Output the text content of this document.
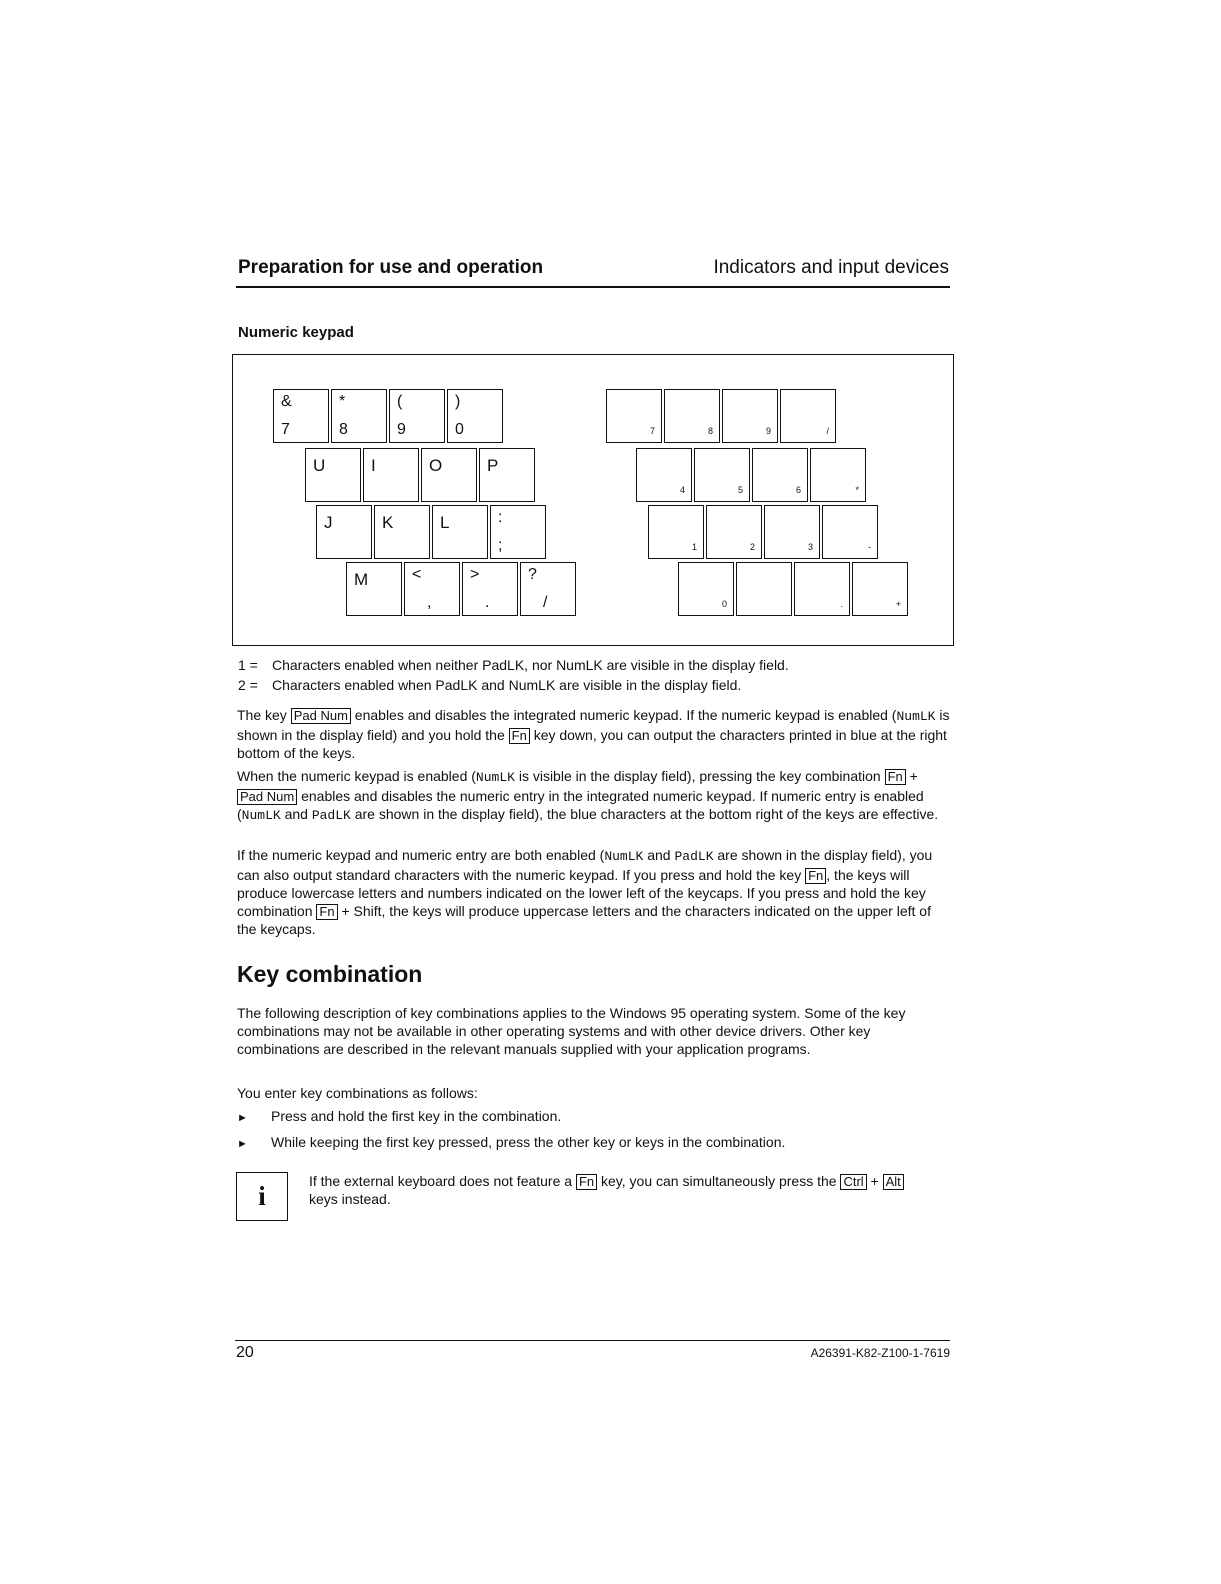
Preparation for use and operation	Indicators and input devices
Numeric keypad
&
7
*
8
(
9
)
0
U	I	O	P
J	K	L	:
;
M	<
,
>
.
?
/
7	8	9	/
4	5	6	*
1	2	3	-
0	.	+
1 = Characters enabled when neither PadLK, nor NumLK are visible in the display field.
2 = Characters enabled when PadLK and NumLK are visible in the display field.
The key Pad Num enables and disables the integrated numeric keypad. If the numeric keypad is enabled (NumLK is shown in the display field) and you hold the Fn key down, you can output the characters printed in blue at the right bottom of the keys.
When the numeric keypad is enabled (NumLK is visible in the display field), pressing the key combination Fn + Pad Num enables and disables the numeric entry in the integrated numeric keypad. If numeric entry is enabled (NumLK and PadLK are shown in the display field), the blue characters at the bottom right of the keys are effective.
If the numeric keypad and numeric entry are both enabled (NumLK and PadLK are shown in the display field), you can also output standard characters with the numeric keypad. If you press and hold the key Fn , the keys will produce lowercase letters and numbers indicated on the lower left of the keycaps. If you press and hold the key combination Fn + Shift, the keys will produce uppercase letters and the characters indicated on the upper left of the keycaps.
Key combination
The following description of key combinations applies to the Windows 95 operating system. Some of the key combinations may not be available in other operating systems and with other device drivers. Other key combinations are described in the relevant manuals supplied with your application programs.
You enter key combinations as follows:
► Press and hold the first key in the combination.
► While keeping the first key pressed, press the other key or keys in the combination.
i	If the external keyboard does not feature a Fn key, you can simultaneously press the Ctrl + Alt keys instead.
20	A26391-K82-Z100-1-7619
